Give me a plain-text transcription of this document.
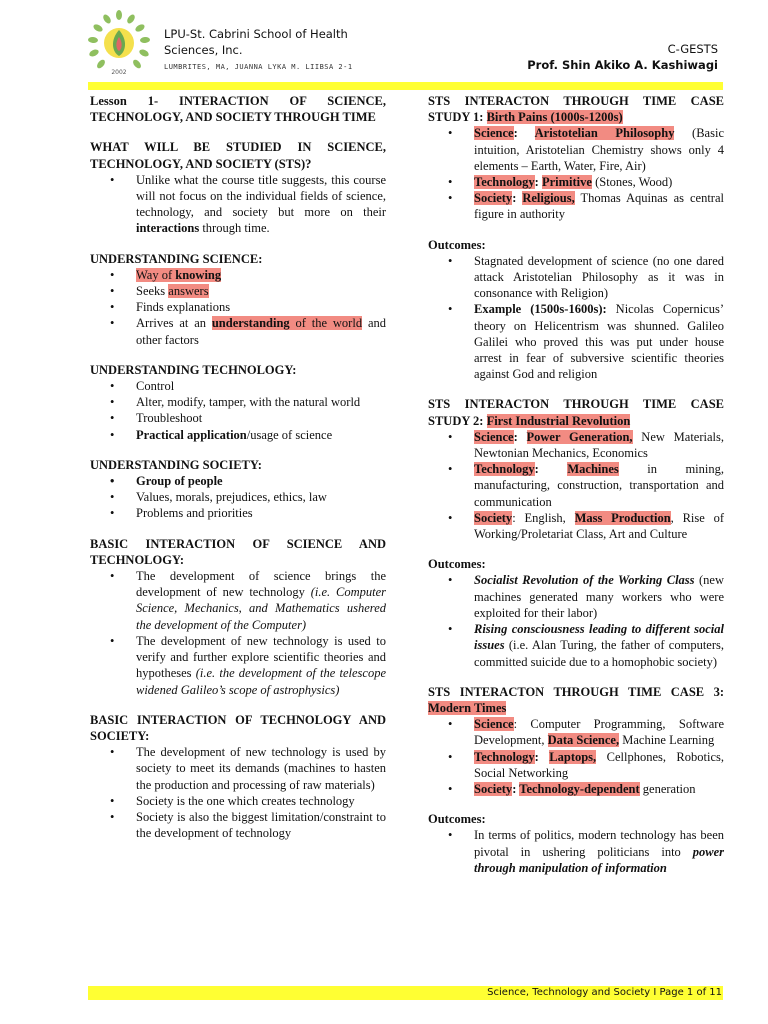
2002
LPU-St. Cabrini School of Health
Sciences, Inc.
LUMBRITES, MA, JUANNA LYKA M. LIIBSA 2-1
C-GESTS
Prof. Shin Akiko A. Kashiwagi
Lesson 1- INTERACTION OF SCIENCE, TECHNOLOGY, AND SOCIETY THROUGH TIME
WHAT WILL BE STUDIED IN SCIENCE, TECHNOLOGY, AND SOCIETY (STS)?
• Unlike what the course title suggests, this course will not focus on the individual fields of science, technology, and society but more on their interactions through time.
UNDERSTANDING SCIENCE:
• Way of knowing
• Seeks answers
• Finds explanations
• Arrives at an understanding of the world and other factors
UNDERSTANDING TECHNOLOGY:
• Control
• Alter, modify, tamper, with the natural world
• Troubleshoot
• Practical application/usage of science
UNDERSTANDING SOCIETY:
• Group of people
• Values, morals, prejudices, ethics, law
• Problems and priorities
BASIC INTERACTION OF SCIENCE AND TECHNOLOGY:
• The development of science brings the development of new technology (i.e. Computer Science, Mechanics, and Mathematics ushered the development of the Computer)
• The development of new technology is used to verify and further explore scientific theories and hypotheses (i.e. the development of the telescope widened Galileo’s scope of astrophysics)
BASIC INTERACTION OF TECHNOLOGY AND SOCIETY:
• The development of new technology is used by society to meet its demands (machines to hasten the production and processing of raw materials)
• Society is the one which creates technology
• Society is also the biggest limitation/constraint to the development of technology
STS INTERACTON THROUGH TIME CASE STUDY 1: Birth Pains (1000s-1200s)
• Science: Aristotelian Philosophy (Basic intuition, Aristotelian Chemistry shows only 4 elements – Earth, Water, Fire, Air)
• Technology: Primitive (Stones, Wood)
• Society: Religious, Thomas Aquinas as central figure in authority

Outcomes:

• Stagnated development of science (no one dared attack Aristotelian Philosophy as it was in consonance with Religion)
• Example (1500s-1600s): Nicolas Copernicus’ theory on Helicentrism was shunned. Galileo Galilei who proved this was put under house arrest in fear of subversive scientific theories against God and religion
STS INTERACTON THROUGH TIME CASE STUDY 2: First Industrial Revolution
• Science: Power Generation, New Materials, Newtonian Mechanics, Economics
• Technology: Machines in mining, manufacturing, construction, transportation and communication
• Society: English, Mass Production, Rise of Working/Proletariat Class, Art and Culture

Outcomes:

• Socialist Revolution of the Working Class (new machines generated many workers who were exploited for their labor)
• Rising consciousness leading to different social issues (i.e. Alan Turing, the father of computers, committed suicide due to a homophobic society)
STS INTERACTON THROUGH TIME CASE 3: Modern Times
• Science: Computer Programming, Software Development, Data Science, Machine Learning
• Technology: Laptops, Cellphones, Robotics, Social Networking
• Society: Technology-dependent generation

Outcomes:

• In terms of politics, modern technology has been pivotal in ushering politicians into power through manipulation of information
Science, Technology and Society I Page 1 of 11
